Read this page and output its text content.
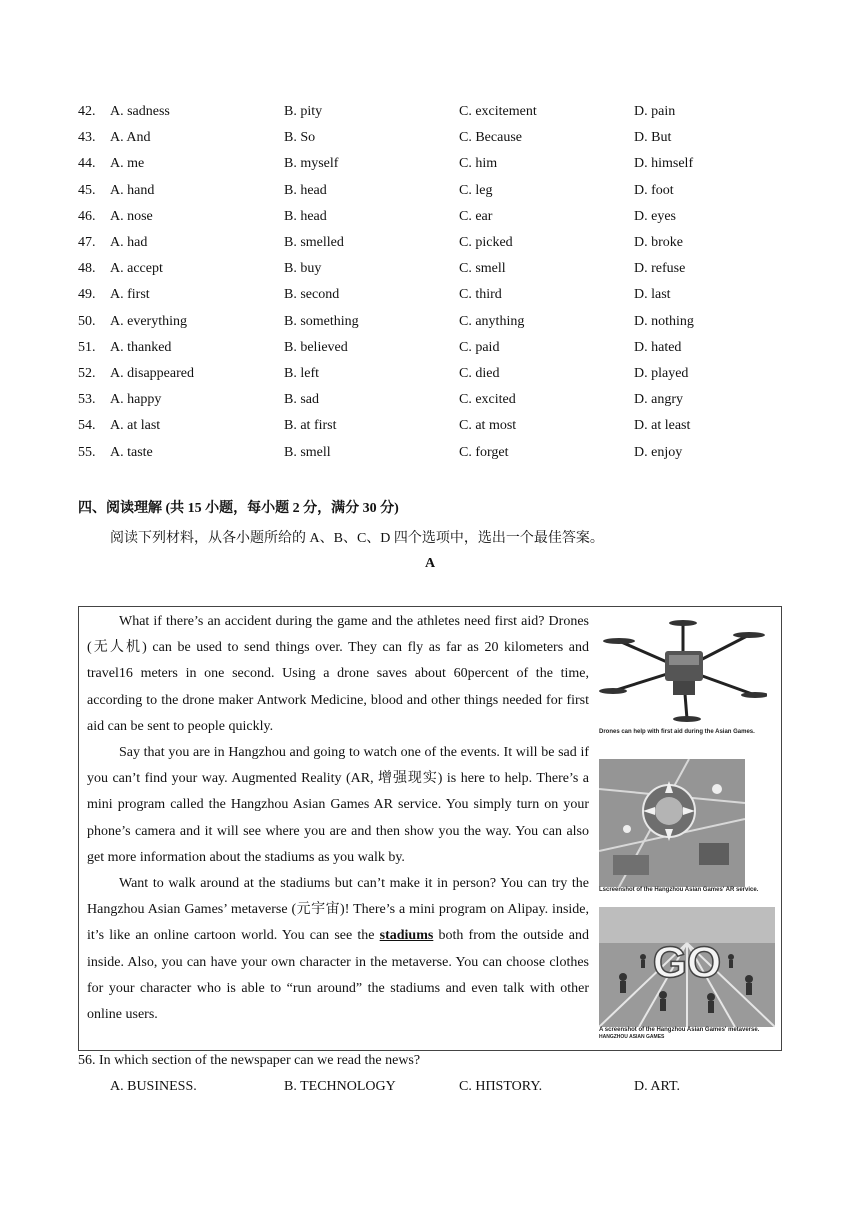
42. A. sadness	B. pity	C. excitement	D. pain
43. A. And	B. So	C. Because	D. But
44. A. me	B. myself	C. him	D. himself
45. A. hand	B. head	C. leg	D. foot
46. A. nose	B. head	C. ear	D. eyes
47. A. had	B. smelled	C. picked	D. broke
48. A. accept	B. buy	C. smell	D. refuse
49. A. first	B. second	C. third	D. last
50. A. everything	B. something	C. anything	D. nothing
51. A. thanked	B. believed	C. paid	D. hated
52. A. disappeared	B. left	C. died	D. played
53. A. happy	B. sad	C. excited	D. angry
54. A. at last	B. at first	C. at most	D. at least
55. A. taste	B. smell	C. forget	D. enjoy
四、阅读理解 (共 15 小题，每小题 2 分，满分 30 分)
阅读下列材料，从各小题所给的 A、B、C、D 四个选项中，选出一个最佳答案。
A

What if there’s an accident during the game and the athletes need first aid? Drones (无人机) can be used to send things over. They can fly as far as 20 kilometers and travel16 meters in one second. Using a drone saves about 60percent of the time, according to the drone maker Antwork Medicine, blood and other things needed for first aid can be sent to people quickly.

Say that you are in Hangzhou and going to watch one of the events. It will be sad if you can’t find your way. Augmented Reality (AR, 增强现实) is here to help. There’s a mini program called the Hangzhou Asian Games AR service. You simply turn on your phone’s camera and it will see where you are and then show you the way. You can also get more information about the stadiums as you walk by.

Want to walk around at the stadiums but can’t make it in person? You can try the Hangzhou Asian Games’ metaverse (元宇宙)! There’s a mini program on Alipay. inside, it’s like an online cartoon world. You can see the stadiums both from the outside and inside. Also, you can have your own character in the metaverse. You can choose clothes for your character who is able to “run around” the stadiums and even talk with other online users.

Drones can help with first aid during the Asian Games.
Lscreenshot of the Hangzhou Asian Games' AR service.
GO
A screenshot of the Hangzhou Asian Games' metaverse.
HANGZHOU ASIAN GAMES
56. In which section of the newspaper can we read the news?
A. BUSINESS.	B. TECHNOLOGY	C. HΠSTORY.	D. ART.
